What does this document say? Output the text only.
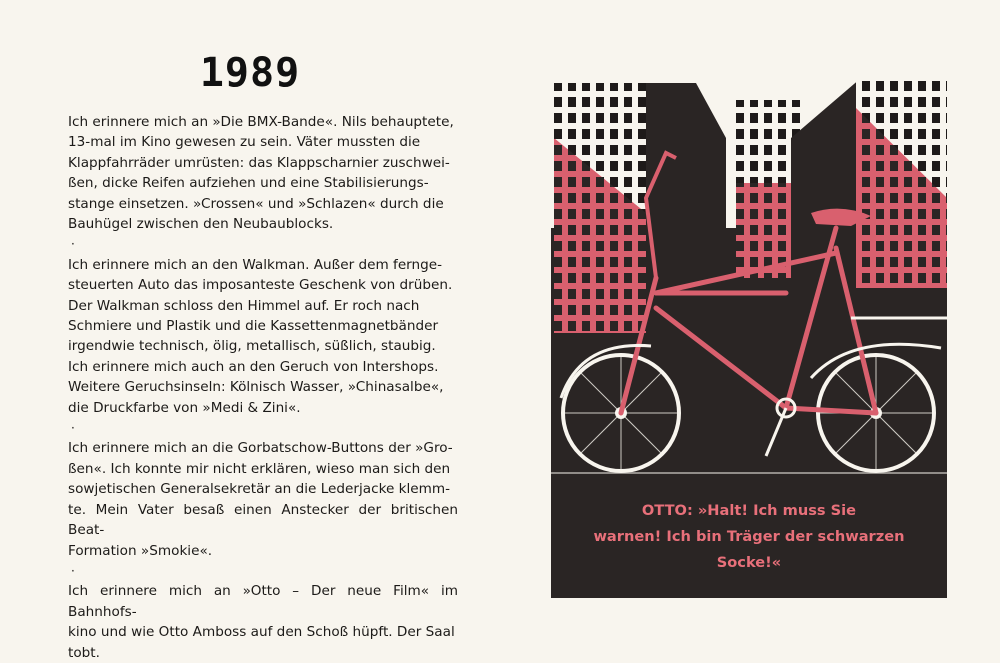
1989
Ich erinnere mich an »Die BMX-Bande«. Nils behauptete,
13-mal im Kino gewesen zu sein. Väter mussten die
Klappfahrräder umrüsten: das Klappscharnier zuschwei-
ßen, dicke Reifen aufziehen und eine Stabilisierungs-
stange einsetzen. »Crossen« und »Schlazen« durch die
Bauhügel zwischen den Neubaublocks.
·
Ich erinnere mich an den Walkman. Außer dem fernge-
steuerten Auto das imposanteste Geschenk von drüben.
Der Walkman schloss den Himmel auf. Er roch nach
Schmiere und Plastik und die Kassettenmagnetbänder
irgendwie technisch, ölig, metallisch, süßlich, staubig.
Ich erinnere mich auch an den Geruch von Intershops.
Weitere Geruchsinseln: Kölnisch Wasser, »Chinasalbe«,
die Druckfarbe von »Medi & Zini«.
·
Ich erinnere mich an die Gorbatschow-Buttons der »Gro-
ßen«. Ich konnte mir nicht erklären, wieso man sich den
sowjetischen Generalsekretär an die Lederjacke klemm-
te. Mein Vater besaß einen Anstecker der britischen Beat-
Formation »Smokie«.
·
Ich erinnere mich an »Otto – Der neue Film« im Bahnhofs-
kino und wie Otto Amboss auf den Schoß hüpft. Der Saal
tobt.
OTTO: »Halt! Ich muss Sie
warnen! Ich bin Träger der schwarzen
Socke!«
